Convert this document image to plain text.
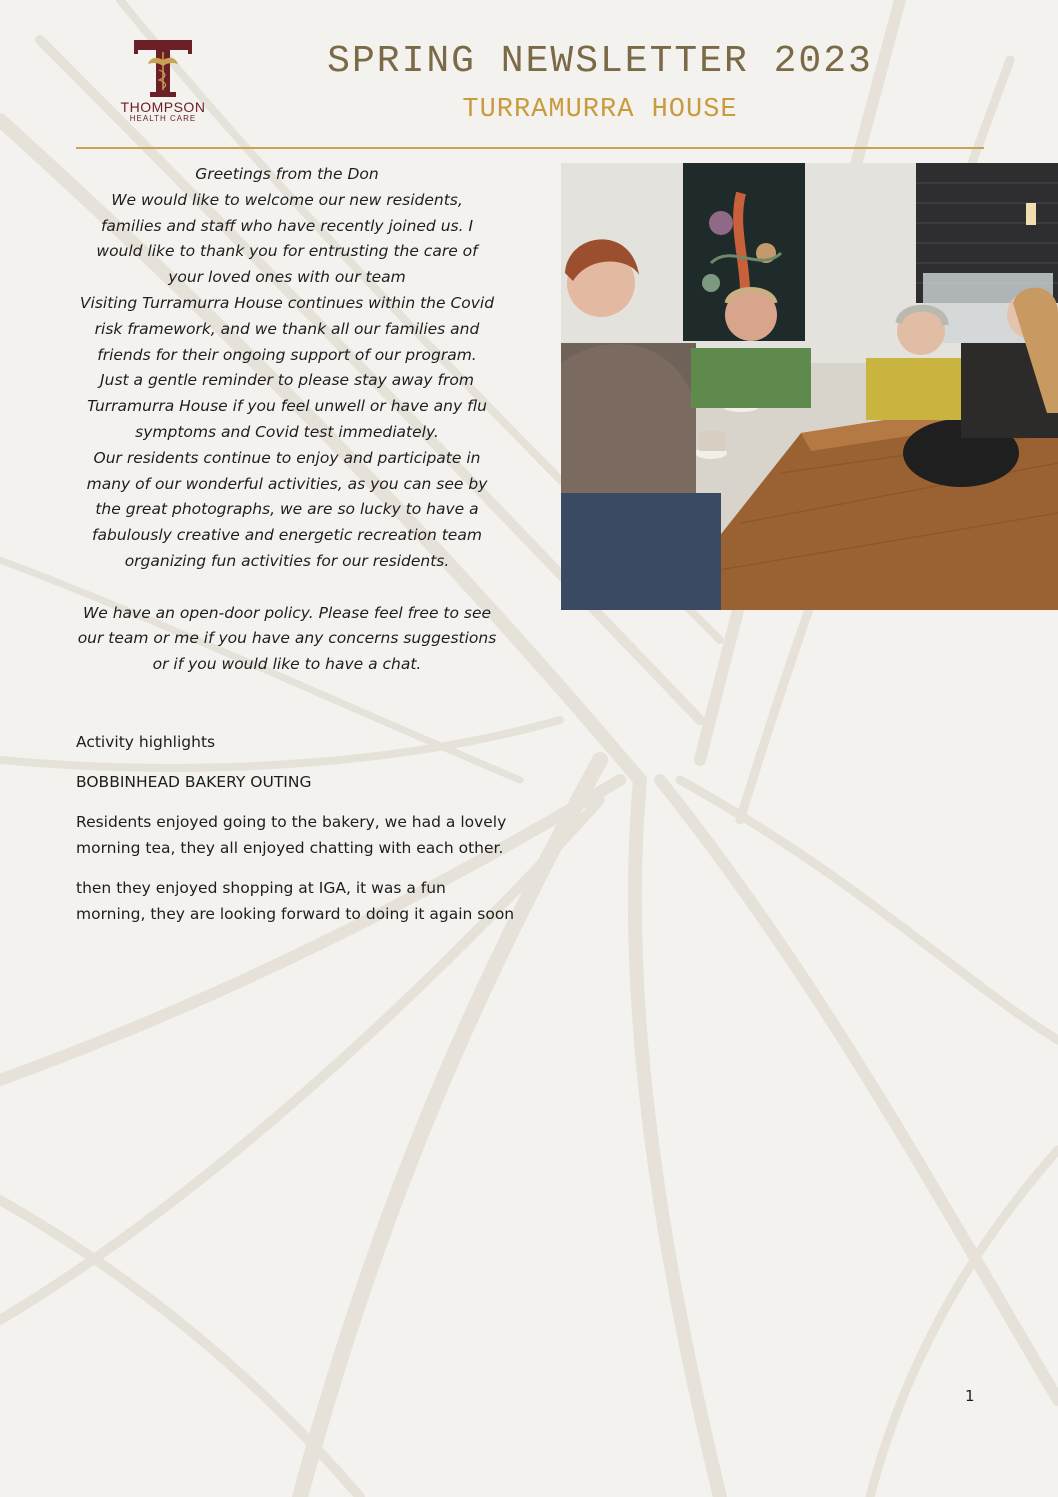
THOMPSON
HEALTH CARE
SPRING NEWSLETTER 2023
TURRAMURRA HOUSE

Greetings from the Don

We would like to welcome our new residents,

families and staff who have recently joined us. I

would like to thank you for entrusting the care of

your loved ones with our team

Visiting Turramurra House continues within the Covid

risk framework, and we thank all our families and

friends for their ongoing support of our program.

Just a gentle reminder to please stay away from

Turramurra House if you feel unwell or have any flu

symptoms and Covid test immediately.

Our residents continue to enjoy and participate in

many of our wonderful activities, as you can see by

the great photographs, we are so lucky to have a

fabulously creative and energetic recreation team

organizing fun activities for our residents.

We have an open-door policy. Please feel free to see

our team or me if you have any concerns suggestions

or if you would like to have a chat.

Activity highlights

BOBBINHEAD BAKERY OUTING

Residents enjoyed going to the bakery, we had a lovely morning tea, they all enjoyed chatting with each other.

then they enjoyed shopping at IGA, it was a fun morning, they are looking forward to doing it again soon

1
